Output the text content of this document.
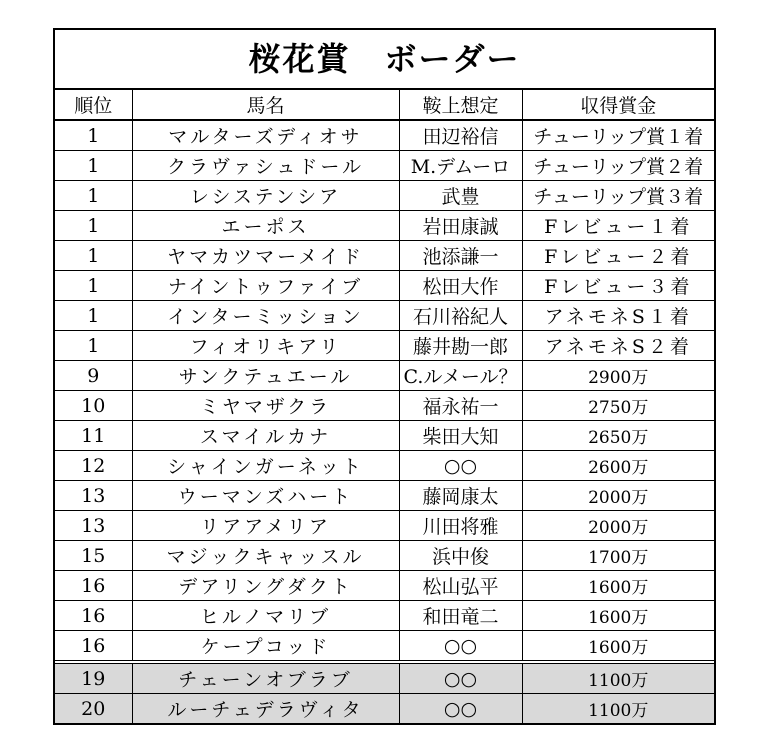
桜花賞　ボーダー
順位	馬名	鞍上想定	収得賞金
1	マルターズディオサ	田辺裕信	チューリップ賞１着
1	クラヴァシュドール	M.デムーロ	チューリップ賞２着
1	レシステンシア	武豊	チューリップ賞３着
1	エーポス	岩田康誠	Fレビュー１着
1	ヤマカツマーメイド	池添謙一	Fレビュー２着
1	ナイントゥファイブ	松田大作	Fレビュー３着
1	インターミッション	石川裕紀人	アネモネS１着
1	フィオリキアリ	藤井勘一郎	アネモネS２着
9	サンクテュエール	C.ルメール？	2900万
10	ミヤマザクラ	福永祐一	2750万
11	スマイルカナ	柴田大知	2650万
12	シャインガーネット	○○	2600万
13	ウーマンズハート	藤岡康太	2000万
13	リアアメリア	川田将雅	2000万
15	マジックキャッスル	浜中俊	1700万
16	デアリングダクト	松山弘平	1600万
16	ヒルノマリブ	和田竜二	1600万
16	ケープコッド	○○	1600万
19	チェーンオブラブ	○○	1100万
20	ルーチェデラヴィタ	○○	1100万
